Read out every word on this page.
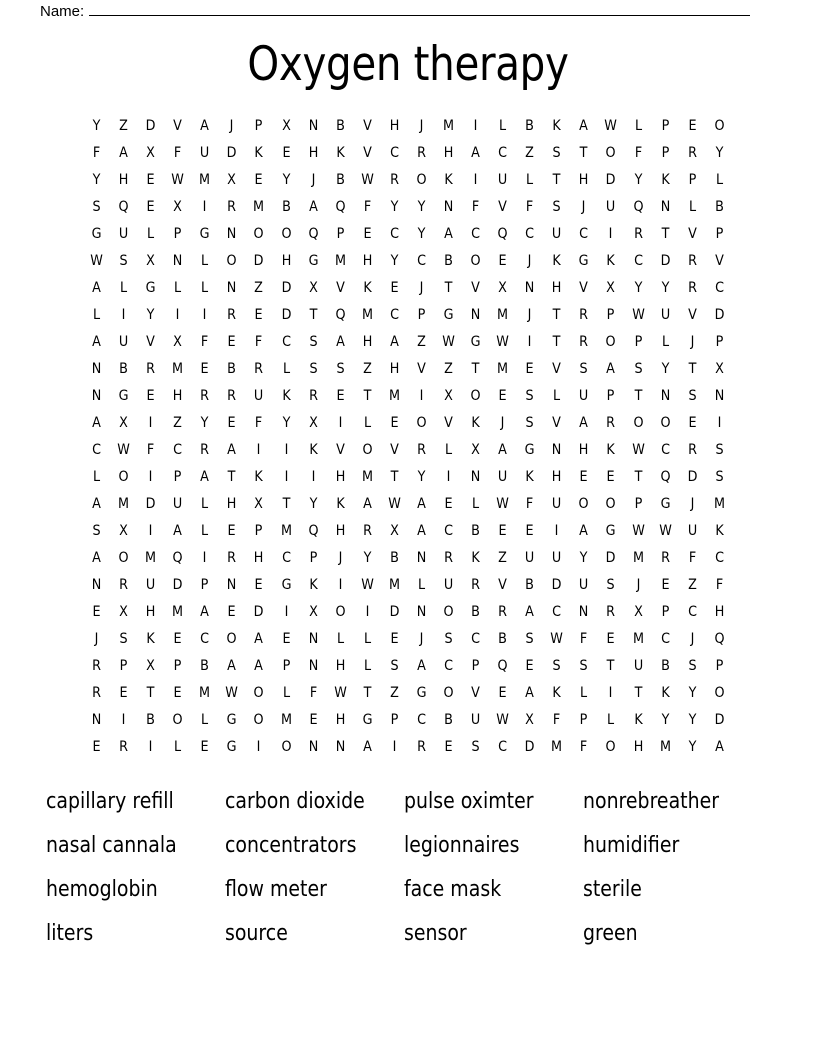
Name:
Oxygen therapy
Y	Z	D	V	A	J	P	X	N	B	V	H	J	M	I	L	B	K	A	W	L	P	E	O
F	A	X	F	U	D	K	E	H	K	V	C	R	H	A	C	Z	S	T	O	F	P	R	Y
Y	H	E	W	M	X	E	Y	J	B	W	R	O	K	I	U	L	T	H	D	Y	K	P	L
S	Q	E	X	I	R	M	B	A	Q	F	Y	Y	N	F	V	F	S	J	U	Q	N	L	B
G	U	L	P	G	N	O	O	Q	P	E	C	Y	A	C	Q	C	U	C	I	R	T	V	P
W	S	X	N	L	O	D	H	G	M	H	Y	C	B	O	E	J	K	G	K	C	D	R	V
A	L	G	L	L	N	Z	D	X	V	K	E	J	T	V	X	N	H	V	X	Y	Y	R	C
L	I	Y	I	I	R	E	D	T	Q	M	C	P	G	N	M	J	T	R	P	W	U	V	D
A	U	V	X	F	E	F	C	S	A	H	A	Z	W	G	W	I	T	R	O	P	L	J	P
N	B	R	M	E	B	R	L	S	S	Z	H	V	Z	T	M	E	V	S	A	S	Y	T	X
N	G	E	H	R	R	U	K	R	E	T	M	I	X	O	E	S	L	U	P	T	N	S	N
A	X	I	Z	Y	E	F	Y	X	I	L	E	O	V	K	J	S	V	A	R	O	O	E	I
C	W	F	C	R	A	I	I	K	V	O	V	R	L	X	A	G	N	H	K	W	C	R	S
L	O	I	P	A	T	K	I	I	H	M	T	Y	I	N	U	K	H	E	E	T	Q	D	S
A	M	D	U	L	H	X	T	Y	K	A	W	A	E	L	W	F	U	O	O	P	G	J	M
S	X	I	A	L	E	P	M	Q	H	R	X	A	C	B	E	E	I	A	G	W W	U	K
A	O	M	Q	I	R	H	C	P	J	Y	B	N	R	K	Z	U	U	Y	D	M	R	F	C
N	R	U	D	P	N	E	G	K	I	W	M	L	U	R	V	B	D	U	S	J	E	Z	F
E	X	H	M	A	E	D	I	X	O	I	D	N	O	B	R	A	C	N	R	X	P	C	H
J	S	K	E	C	O	A	E	N	L	L	E	J	S	C	B	S	W	F	E	M	C	J	Q
R	P	X	P	B	A	A	P	N	H	L	S	A	C	P	Q	E	S	S	T	U	B	S	P
R	E	T	E	M	W	O	L	F	W	T	Z	G	O	V	E	A	K	L	I	T	K	Y	O
N	I	B	O	L	G	O	M	E	H	G	P	C	B	U	W	X	F	P	L	K	Y	Y	D
E	R	I	L	E	G	I	O	N	N	A	I	R	E	S	C	D	M	F	O	H	M	Y	A
capillary refill	carbon dioxide	pulse oximter	nonrebreather
nasal cannala	concentrators	legionnaires	humidifier
hemoglobin	flow meter	face mask	sterile
liters	source	sensor	green
